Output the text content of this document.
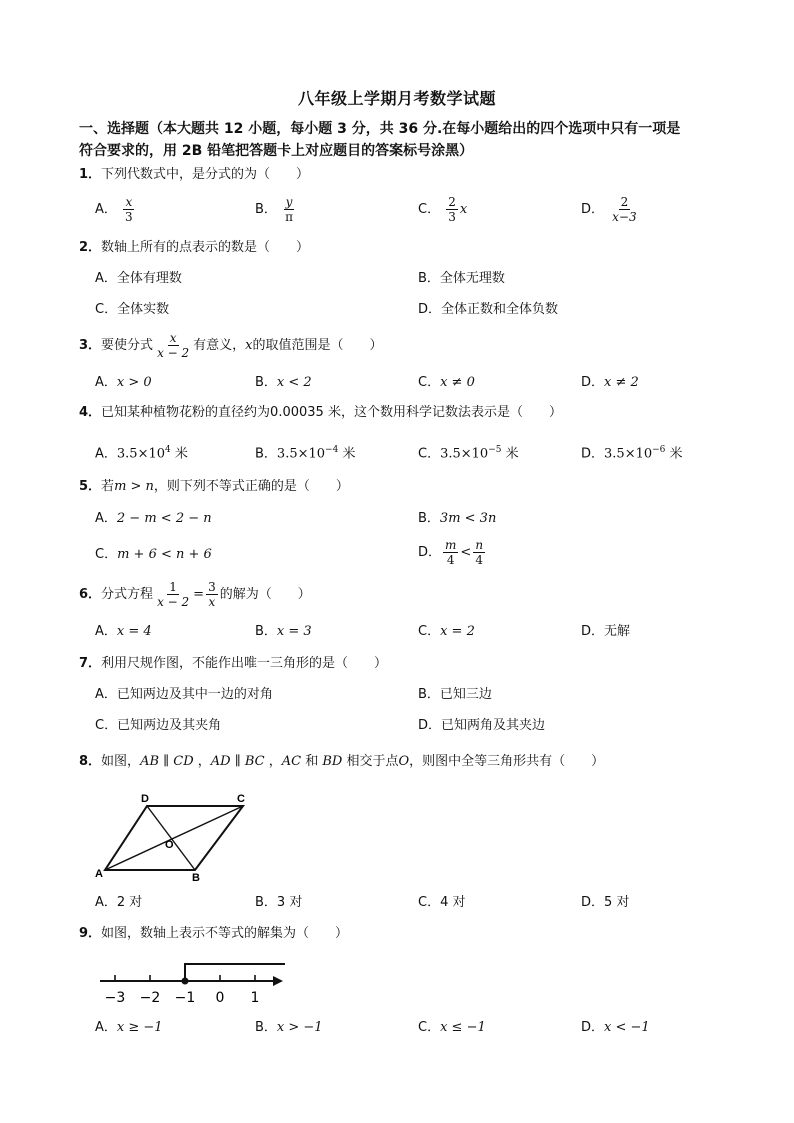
八年级上学期月考数学试题
一、选择题（本大题共 12 小题，每小题 3 分，共 36 分.在每小题给出的四个选项中只有一项是
符合要求的，用 2B 铅笔把答题卡上对应题目的答案标号涂黑）
1．下列代数式中，是分式的为（　　）
A． $\frac{x}{3}$	B． $\frac{y}{\pi}$	C． $\frac{2}{3}$ x	D． $\frac{2}{x-3}$
2．数轴上所有的点表示的数是（　　）
A．全体有理数	B．全体无理数
C．全体实数	D．全体正数和全体负数
3．要使分式 $\frac{x}{x - 2}$ 有意义，x的取值范围是（　　）
A．x > 0	B．x < 2	C．x ≠ 0	D．x ≠ 2
4．已知某种植物花粉的直径约为0.00035 米，这个数用科学记数法表示是（　　）
A．$3.5\times 10^4$ 米	B．$3.5\times 10^{-4}$ 米	C．$3.5\times 10^{-5}$ 米	D．$3.5\times 10^{-6}$ 米
5．若m > n，则下列不等式正确的是（　　）
A．2 − m < 2 − n	B．3m < 3n
C．m + 6 < n + 6	D． $\frac{m}{4} < \frac{n}{4}$
6．分式方程 $\frac{1}{x - 2} = \frac{3}{x}$ 的解为（　　）
A．x = 4	B．x = 3	C．x = 2	D．无解
7．利用尺规作图，不能作出唯一三角形的是（　　）
A．已知两边及其中一边的对角	B．已知三边
C．已知两边及其夹角	D．已知两角及其夹边
8．如图，AB ∥ CD ，AD ∥ BC ，AC 和 BD 相交于点O，则图中全等三角形共有（　　）
A	B
C
D
O
A．2 对	B．3 对	C．4 对	D．5 对
9．如图，数轴上表示不等式的解集为（　　）
−3 −2 −1 0 1
A．x ≥ −1	B．x > −1	C．x ≤ −1	D．x < −1
